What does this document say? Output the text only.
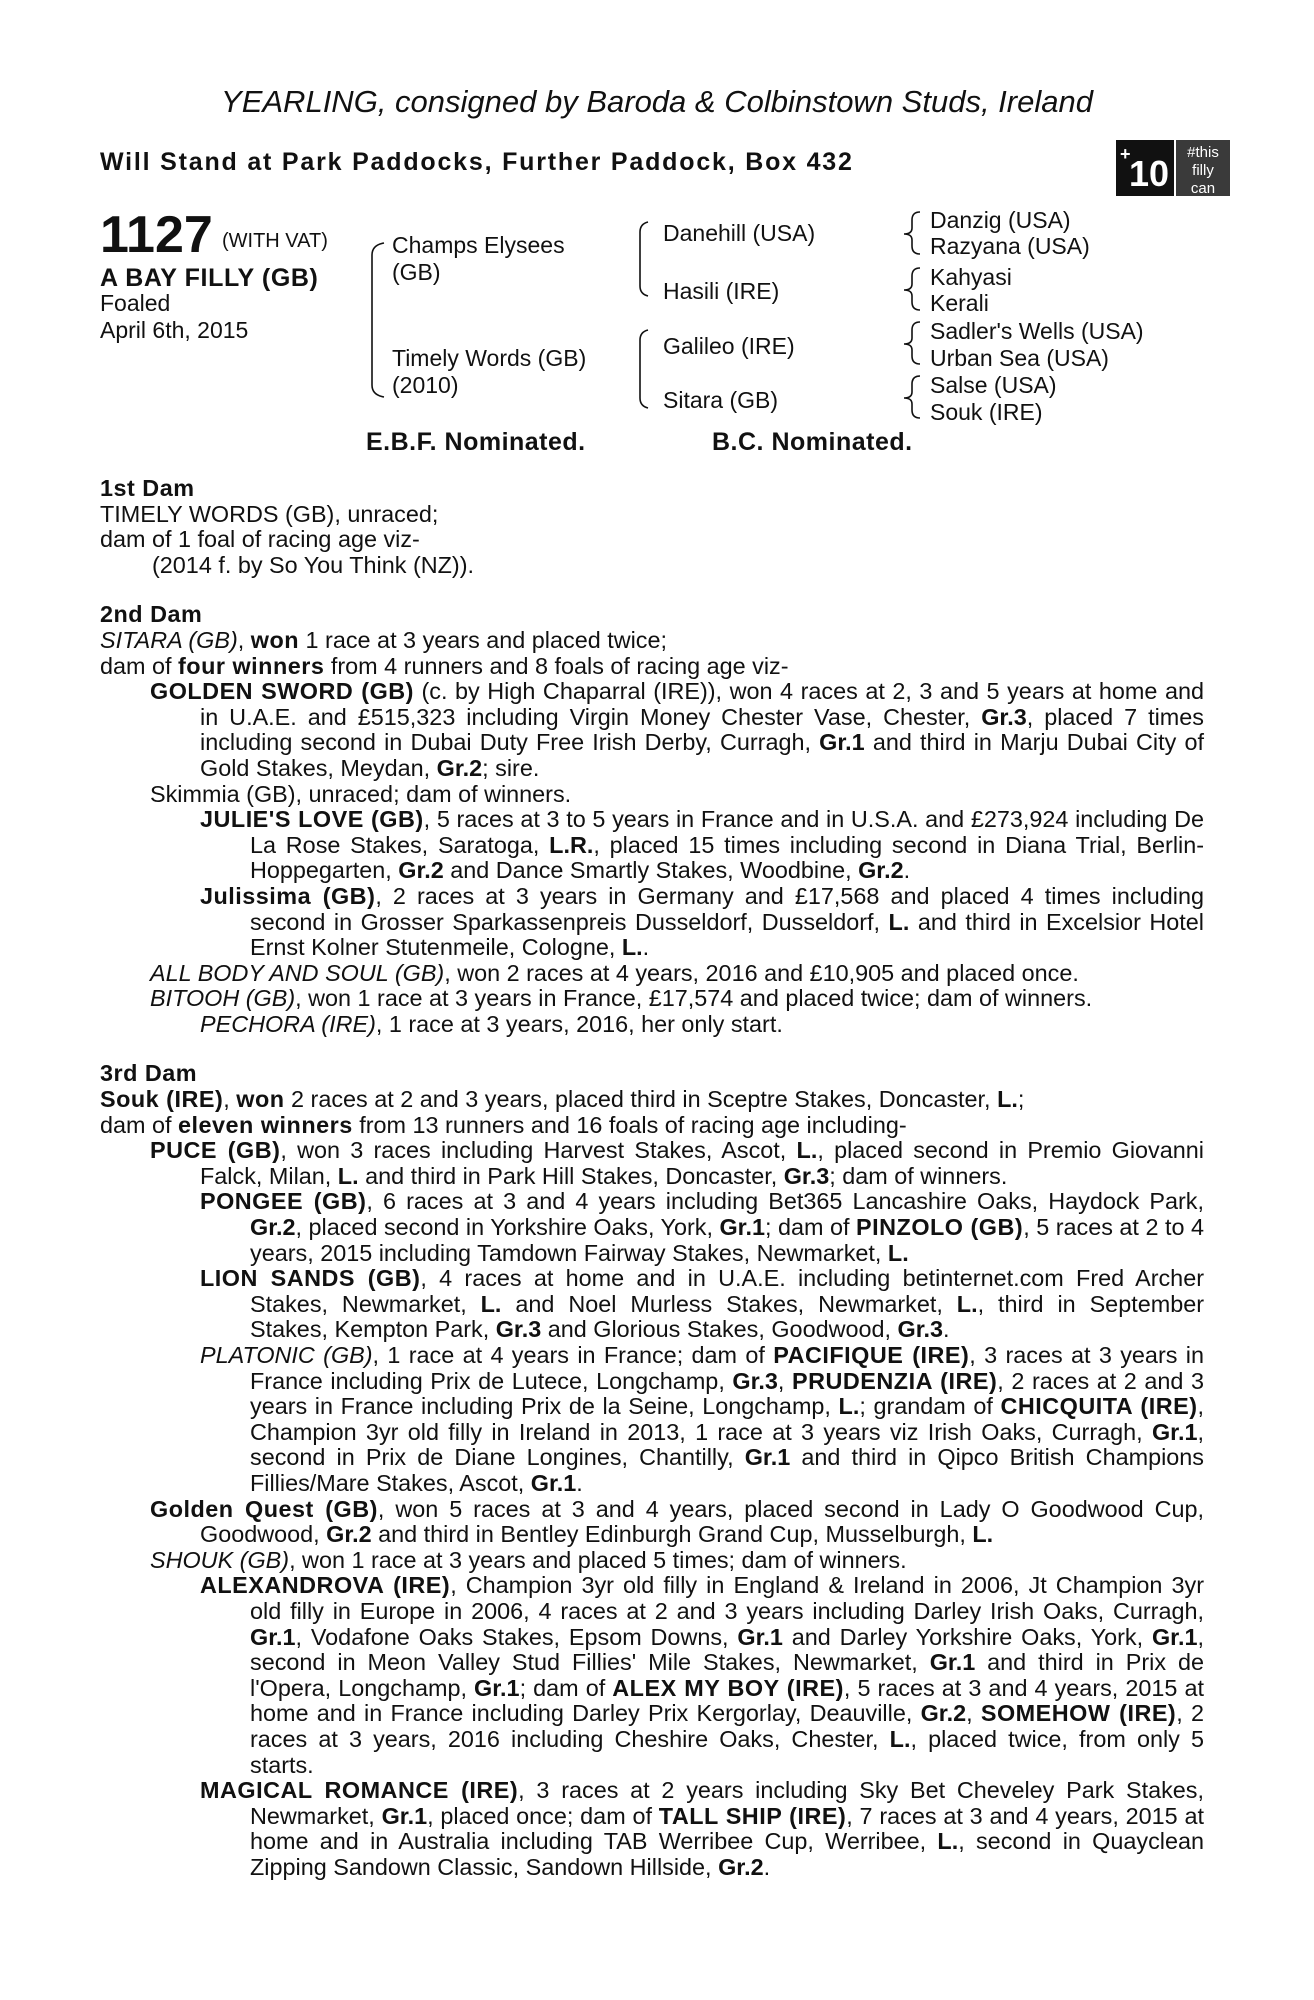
YEARLING, consigned by Baroda & Colbinstown Studs, Ireland
Will Stand at Park Paddocks, Further Paddock, Box 432	+
10
#this
filly
can
1127 (WITH VAT)
A BAY FILLY (GB)
Foaled
April 6th, 2015
Champs Elysees
(GB)
Timely Words (GB)
(2010)
Danehill (USA)
Hasili (IRE)
Galileo (IRE)
Sitara (GB)
Danzig (USA)
Razyana (USA)
Kahyasi
Kerali
Sadler's Wells (USA)
Urban Sea (USA)
Salse (USA)
Souk (IRE)
E.B.F. Nominated.	B.C. Nominated.
1st Dam
TIMELY WORDS (GB), unraced;
dam of 1 foal of racing age viz-
(2014 f. by So You Think (NZ)).
2nd Dam
SITARA (GB), won 1 race at 3 years and placed twice;
dam of four winners from 4 runners and 8 foals of racing age viz-
GOLDEN SWORD (GB) (c. by High Chaparral (IRE)), won 4 races at 2, 3 and 5 years at home and in U.A.E. and £515,323 including Virgin Money Chester Vase, Chester, Gr.3, placed 7 times including second in Dubai Duty Free Irish Derby, Curragh, Gr.1 and third in Marju Dubai City of Gold Stakes, Meydan, Gr.2; sire.
Skimmia (GB), unraced; dam of winners.
JULIE'S LOVE (GB), 5 races at 3 to 5 years in France and in U.S.A. and £273,924 including De La Rose Stakes, Saratoga, L.R., placed 15 times including second in Diana Trial, Berlin-Hoppegarten, Gr.2 and Dance Smartly Stakes, Woodbine, Gr.2.
Julissima (GB), 2 races at 3 years in Germany and £17,568 and placed 4 times including second in Grosser Sparkassenpreis Dusseldorf, Dusseldorf, L. and third in Excelsior Hotel Ernst Kolner Stutenmeile, Cologne, L..
ALL BODY AND SOUL (GB), won 2 races at 4 years, 2016 and £10,905 and placed once.
BITOOH (GB), won 1 race at 3 years in France, £17,574 and placed twice; dam of winners.
PECHORA (IRE), 1 race at 3 years, 2016, her only start.
3rd Dam
Souk (IRE), won 2 races at 2 and 3 years, placed third in Sceptre Stakes, Doncaster, L.;
dam of eleven winners from 13 runners and 16 foals of racing age including-
PUCE (GB), won 3 races including Harvest Stakes, Ascot, L., placed second in Premio Giovanni Falck, Milan, L. and third in Park Hill Stakes, Doncaster, Gr.3; dam of winners.
PONGEE (GB), 6 races at 3 and 4 years including Bet365 Lancashire Oaks, Haydock Park, Gr.2, placed second in Yorkshire Oaks, York, Gr.1; dam of PINZOLO (GB), 5 races at 2 to 4 years, 2015 including Tamdown Fairway Stakes, Newmarket, L.
LION SANDS (GB), 4 races at home and in U.A.E. including betinternet.com Fred Archer Stakes, Newmarket, L. and Noel Murless Stakes, Newmarket, L., third in September Stakes, Kempton Park, Gr.3 and Glorious Stakes, Goodwood, Gr.3.
PLATONIC (GB), 1 race at 4 years in France; dam of PACIFIQUE (IRE), 3 races at 3 years in France including Prix de Lutece, Longchamp, Gr.3, PRUDENZIA (IRE), 2 races at 2 and 3 years in France including Prix de la Seine, Longchamp, L.; grandam of CHICQUITA (IRE), Champion 3yr old filly in Ireland in 2013, 1 race at 3 years viz Irish Oaks, Curragh, Gr.1, second in Prix de Diane Longines, Chantilly, Gr.1 and third in Qipco British Champions Fillies/Mare Stakes, Ascot, Gr.1.
Golden Quest (GB), won 5 races at 3 and 4 years, placed second in Lady O Goodwood Cup, Goodwood, Gr.2 and third in Bentley Edinburgh Grand Cup, Musselburgh, L.
SHOUK (GB), won 1 race at 3 years and placed 5 times; dam of winners.
ALEXANDROVA (IRE), Champion 3yr old filly in England & Ireland in 2006, Jt Champion 3yr old filly in Europe in 2006, 4 races at 2 and 3 years including Darley Irish Oaks, Curragh, Gr.1, Vodafone Oaks Stakes, Epsom Downs, Gr.1 and Darley Yorkshire Oaks, York, Gr.1, second in Meon Valley Stud Fillies' Mile Stakes, Newmarket, Gr.1 and third in Prix de l'Opera, Longchamp, Gr.1; dam of ALEX MY BOY (IRE), 5 races at 3 and 4 years, 2015 at home and in France including Darley Prix Kergorlay, Deauville, Gr.2, SOMEHOW (IRE), 2 races at 3 years, 2016 including Cheshire Oaks, Chester, L., placed twice, from only 5 starts.
MAGICAL ROMANCE (IRE), 3 races at 2 years including Sky Bet Cheveley Park Stakes, Newmarket, Gr.1, placed once; dam of TALL SHIP (IRE), 7 races at 3 and 4 years, 2015 at home and in Australia including TAB Werribee Cup, Werribee, L., second in Quayclean Zipping Sandown Classic, Sandown Hillside, Gr.2.
